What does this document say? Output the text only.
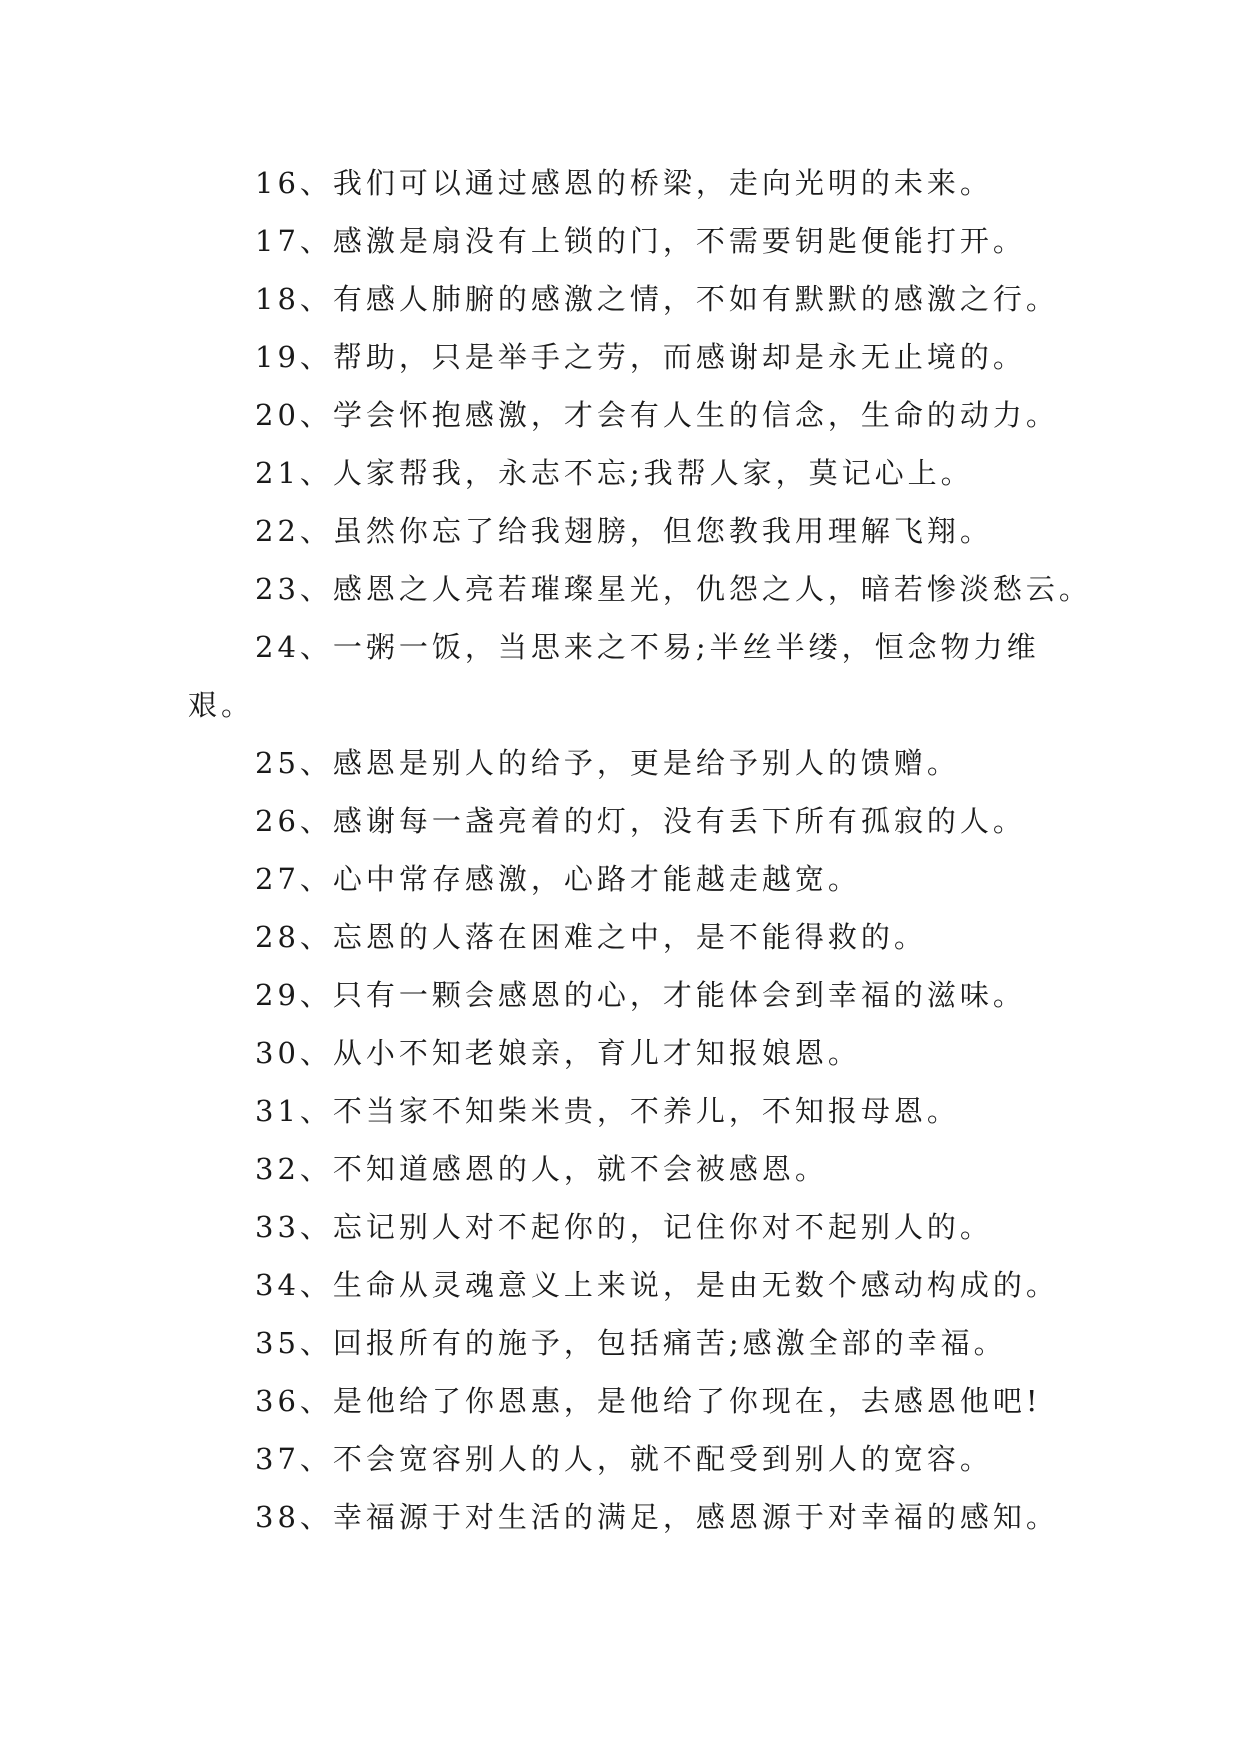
16、我们可以通过感恩的桥梁，走向光明的未来。
17、感激是扇没有上锁的门，不需要钥匙便能打开。
18、有感人肺腑的感激之情，不如有默默的感激之行。
19、帮助，只是举手之劳，而感谢却是永无止境的。
20、学会怀抱感激，才会有人生的信念，生命的动力。
21、人家帮我，永志不忘;我帮人家，莫记心上。
22、虽然你忘了给我翅膀，但您教我用理解飞翔。
23、感恩之人亮若璀璨星光，仇怨之人，暗若惨淡愁云。
24、一粥一饭，当思来之不易;半丝半缕，恒念物力维
艰。
25、感恩是别人的给予，更是给予别人的馈赠。
26、感谢每一盏亮着的灯，没有丢下所有孤寂的人。
27、心中常存感激，心路才能越走越宽。
28、忘恩的人落在困难之中，是不能得救的。
29、只有一颗会感恩的心，才能体会到幸福的滋味。
30、从小不知老娘亲，育儿才知报娘恩。
31、不当家不知柴米贵，不养儿，不知报母恩。
32、不知道感恩的人，就不会被感恩。
33、忘记别人对不起你的，记住你对不起别人的。
34、生命从灵魂意义上来说，是由无数个感动构成的。
35、回报所有的施予，包括痛苦;感激全部的幸福。
36、是他给了你恩惠，是他给了你现在，去感恩他吧!
37、不会宽容别人的人，就不配受到别人的宽容。
38、幸福源于对生活的满足，感恩源于对幸福的感知。
